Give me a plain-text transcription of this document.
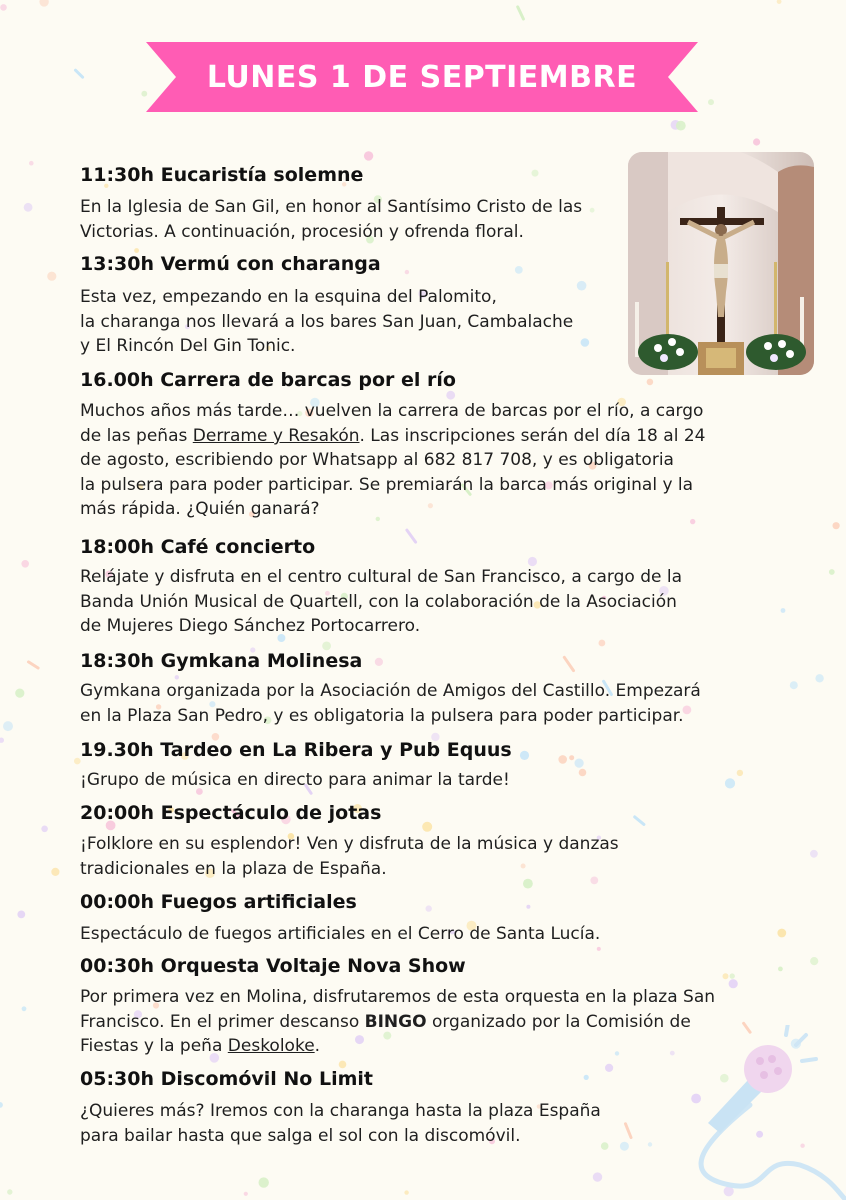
LUNES 1 DE SEPTIEMBRE
11:30h Eucaristía solemne

En la Iglesia de San Gil, en honor al Santísimo Cristo de las

Victorias. A continuación, procesión y ofrenda floral.

13:30h Vermú con charanga

Esta vez, empezando en la esquina del Palomito,

la charanga nos llevará a los bares San Juan, Cambalache

y El Rincón Del Gin Tonic.

16.00h Carrera de barcas por el río

Muchos años más tarde… vuelven la carrera de barcas por el río, a cargo

de las peñas Derrame y Resakón. Las inscripciones serán del día 18 al 24

de agosto, escribiendo por Whatsapp al 682 817 708, y es obligatoria

la pulsera para poder participar. Se premiarán la barca más original y la

más rápida. ¿Quién ganará?

18:00h Café concierto

Relájate y disfruta en el centro cultural de San Francisco, a cargo de la

Banda Unión Musical de Quartell, con la colaboración de la Asociación

de Mujeres Diego Sánchez Portocarrero.

18:30h Gymkana Molinesa

Gymkana organizada por la Asociación de Amigos del Castillo. Empezará

en la Plaza San Pedro, y es obligatoria la pulsera para poder participar.

19.30h Tardeo en La Ribera y Pub Equus

¡Grupo de música en directo para animar la tarde!

20:00h Espectáculo de jotas

¡Folklore en su esplendor! Ven y disfruta de la música y danzas

tradicionales en la plaza de España.

00:00h Fuegos artificiales

Espectáculo de fuegos artificiales en el Cerro de Santa Lucía.

00:30h Orquesta Voltaje Nova Show

Por primera vez en Molina, disfrutaremos de esta orquesta en la plaza San

Francisco. En el primer descanso BINGO organizado por la Comisión de

Fiestas y la peña Deskoloke.

05:30h Discomóvil No Limit

¿Quieres más? Iremos con la charanga hasta la plaza España

para bailar hasta que salga el sol con la discomóvil.
